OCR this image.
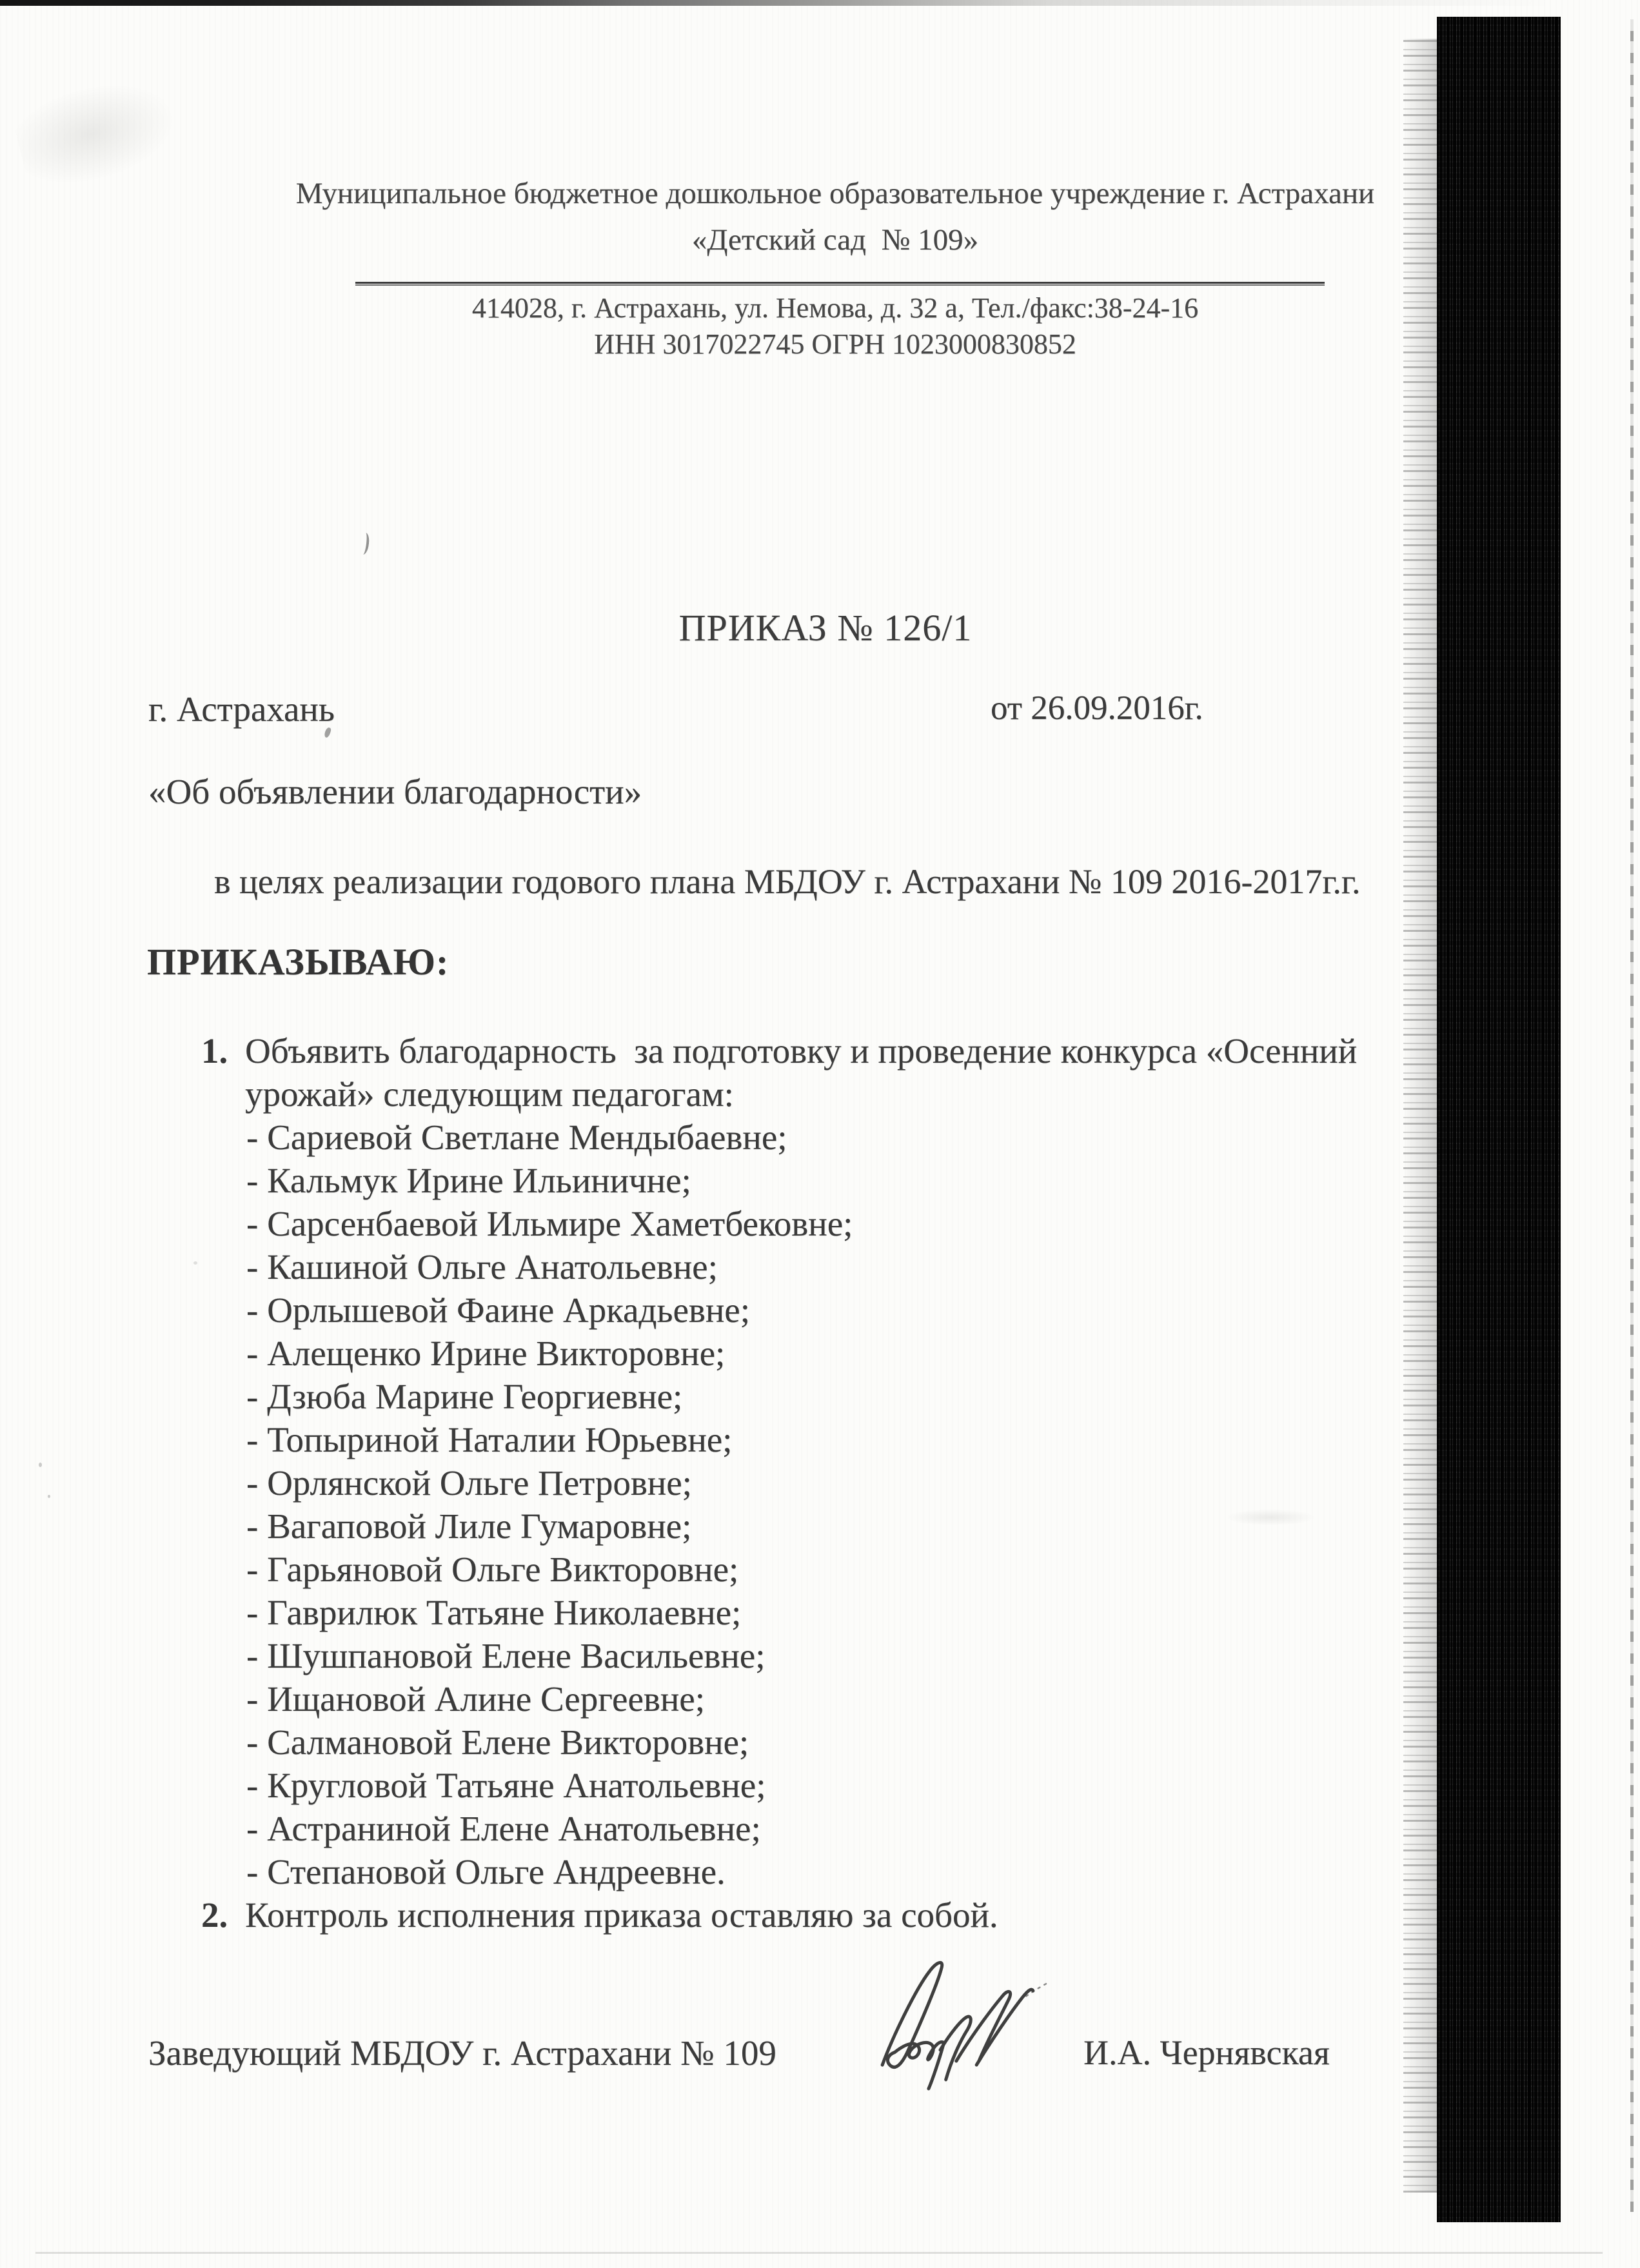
Муниципальное бюджетное дошкольное образовательное учреждение г. Астрахани
«Детский сад  № 109»
414028, г. Астрахань, ул. Немова, д. 32 а, Тел./факс:38-24-16
ИНН 3017022745 ОГРН 1023000830852
ПРИКАЗ № 126/1
г. Астрахань	от 26.09.2016г.
«Об объявлении благодарности»
в целях реализации годового плана МБДОУ г. Астрахани № 109 2016-2017г.г.
ПРИКАЗЫВАЮ:
1. Объявить благодарность  за подготовку и проведение конкурса «Осенний
урожай» следующим педагогам:
- Сариевой Светлане Мендыбаевне;
- Кальмук Ирине Ильиничне;
- Сарсенбаевой Ильмире Хаметбековне;
- Кашиной Ольге Анатольевне;
- Орлышевой Фаине Аркадьевне;
- Алещенко Ирине Викторовне;
- Дзюба Марине Георгиевне;
- Топыриной Наталии Юрьевне;
- Орлянской Ольге Петровне;
- Вагаповой Лиле Гумаровне;
- Гарьяновой Ольге Викторовне;
- Гаврилюк Татьяне Николаевне;
- Шушпановой Елене Васильевне;
- Ищановой Алине Сергеевне;
- Салмановой Елене Викторовне;
- Кругловой Татьяне Анатольевне;
- Астраниной Елене Анатольевне;
- Степановой Ольге Андреевне.
2. Контроль исполнения приказа оставляю за собой.
Заведующий МБДОУ г. Астрахани № 109	И.А. Чернявская
